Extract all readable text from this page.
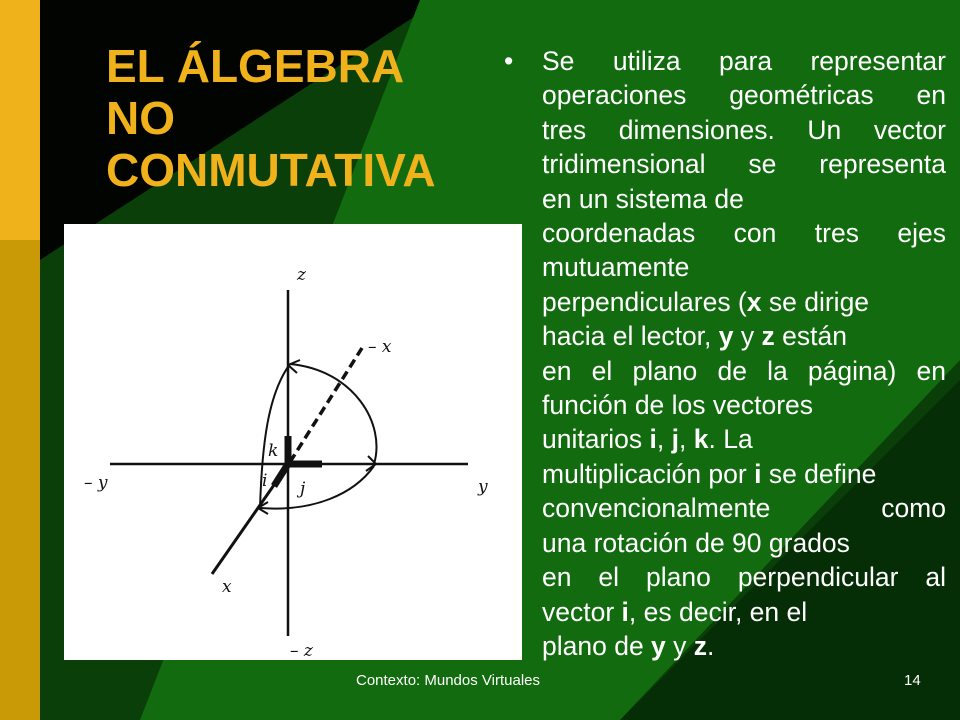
EL ÁLGEBRA
NO
CONMUTATIVA
• Se utiliza para representar
operaciones geométricas en
tres dimensiones. Un vector
tridimensional se representa
en un sistema de
coordenadas con tres ejes
mutuamente
perpendiculares (x se dirige
hacia el lector, y y z están
en el plano de la página) en
función de los vectores
unitarios i, j, k. La
multiplicación por i se define
convencionalmente como
una rotación de 90 grados
en el plano perpendicular al
vector i, es decir, en el
plano de y y z.
z
– z
y
– y
x
– x
k
i j
Contexto: Mundos Virtuales	14
